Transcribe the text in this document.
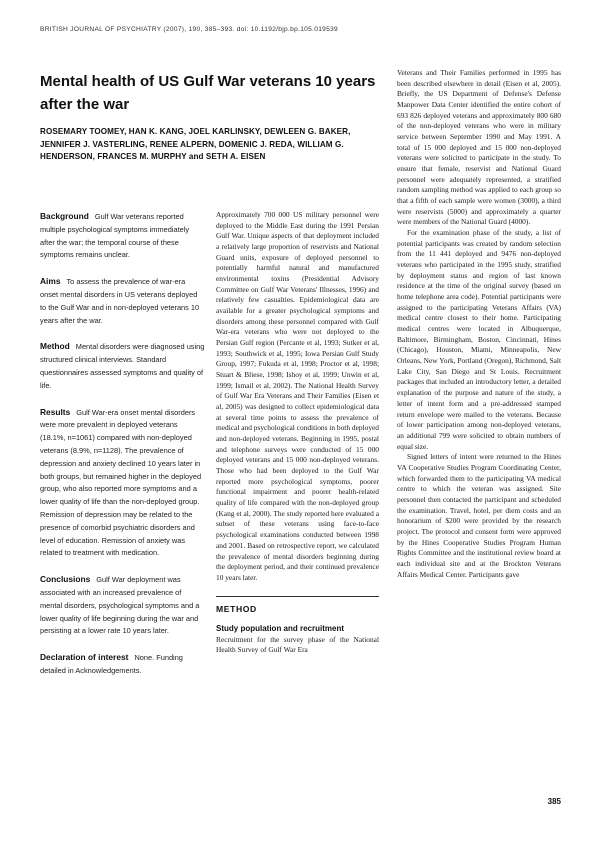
BRITISH JOURNAL OF PSYCHIATRY (2007), 190, 385–393. doi: 10.1192/bjp.bp.105.019539
Mental health of US Gulf War veterans 10 years after the war

ROSEMARY TOOMEY, HAN K. KANG, JOEL KARLINSKY, DEWLEEN G. BAKER, JENNIFER J. VASTERLING, RENEE ALPERN, DOMENIC J. REDA, WILLIAM G. HENDERSON, FRANCES M. MURPHY and SETH A. EISEN

Background Gulf War veterans reported multiple psychological symptoms immediately after the war; the temporal course of these symptoms remains unclear.

Aims To assess the prevalence of war-era onset mental disorders in US veterans deployed to the Gulf War and in non-deployed veterans 10 years after the war.

Method Mental disorders were diagnosed using structured clinical interviews. Standard questionnaires assessed symptoms and quality of life.

Results Gulf War-era onset mental disorders were more prevalent in deployed veterans (18.1%, n=1061) compared with non-deployed veterans (8.9%, n=1128). The prevalence of depression and anxiety declined 10 years later in both groups, but remained higher in the deployed group, who also reported more symptoms and a lower quality of life than the non-deployed group. Remission of depression may be related to the presence of comorbid psychiatric disorders and level of education. Remission of anxiety was related to treatment with medication.

Conclusions Gulf War deployment was associated with an increased prevalence of mental disorders, psychological symptoms and a lower quality of life beginning during the war and persisting at a lower rate 10 years later.

Declaration of interest None. Funding detailed in Acknowledgements.

Approximately 700 000 US military personnel were deployed to the Middle East during the 1991 Persian Gulf War. Unique aspects of that deployment included a relatively large proportion of reservists and National Guard units, exposure of deployed personnel to potentially harmful natural and manufactured environmental toxins (Presidential Advisory Committee on Gulf War Veterans' Illnesses, 1996) and relatively few casualties. Epidemiological data are available for a greater psychological symptoms and disorders among these personnel compared with Gulf War-era veterans who were not deployed to the Persian Gulf region (Percante et al, 1993; Sutker et al, 1993; Southwick et al, 1995; Iowa Persian Gulf Study Group, 1997; Fukuda et al, 1998; Proctor et al, 1998; Stuart & Bliese, 1998; Ishoy et al, 1999; Unwin et al, 1999; Ismail et al, 2002). The National Health Survey of Gulf War Era Veterans and Their Families (Eisen et al, 2005) was designed to collect epidemiological data at several time points to assess the prevalence of medical and psychological conditions in both deployed and non-deployed veterans. Beginning in 1995, postal and telephone surveys were conducted of 15 000 deployed veterans and 15 000 non-deployed veterans. Those who had been deployed to the Gulf War reported more psychological symptoms, poorer functional impairment and poorer health-related quality of life compared with the non-deployed group (Kang et al, 2000). The study reported here evaluated a subset of these veterans using face-to-face psychological examinations conducted between 1998 and 2001. Based on retrospective report, we calculated the prevalence of mental disorders beginning during the deployment period, and their continued prevalence 10 years later.

METHOD
Study population and recruitment

Recruitment for the survey phase of the National Health Survey of Gulf War Era

Veterans and Their Families performed in 1995 has been described elsewhere in detail (Eisen et al, 2005). Briefly, the US Department of Defense's Defense Manpower Data Center identified the entire cohort of 693 826 deployed veterans and approximately 800 680 of the non-deployed veterans who were in military service between September 1990 and May 1991. A total of 15 000 deployed and 15 000 non-deployed veterans were solicited to participate in the study. To ensure that female, reservist and National Guard personnel were adequately represented, a stratified random sampling method was applied to each group so that a fifth of each sample were women (3000), a third were reservists (5000) and approximately a quarter were members of the National Guard (4000).

For the examination phase of the study, a list of potential participants was created by random selection from the 11 441 deployed and 9476 non-deployed veterans who participated in the 1995 study, stratified by deployment status and region of last known residence at the time of the original survey (based on home telephone area code). Potential participants were assigned to the participating Veterans Affairs (VA) medical centre closest to their home. Participating medical centres were located in Albuquerque, Baltimore, Birmingham, Boston, Cincinnati, Hines (Chicago), Houston, Miami, Minneapolis, New Orleans, New York, Portland (Oregon), Richmond, Salt Lake City, San Diego and St Louis. Recruitment packages that included an introductory letter, a detailed explanation of the purpose and nature of the study, a letter of intent form and a pre-addressed stamped return envelope were mailed to the veterans. Because of lower participation among non-deployed veterans, an additional 799 were solicited to obtain numbers of equal size.

Signed letters of intent were returned to the Hines VA Cooperative Studies Program Coordinating Center, which forwarded them to the participating VA medical centre to which the veteran was assigned. Site personnel then contacted the participant and scheduled the examination. Travel, hotel, per diem costs and an honorarium of $200 were provided by the research project. The protocol and consent form were approved by the Hines Cooperative Studies Program Human Rights Committee and the institutional review board at each individual site and at the Brockton Veterans Affairs Medical Center. Participants gave

385
